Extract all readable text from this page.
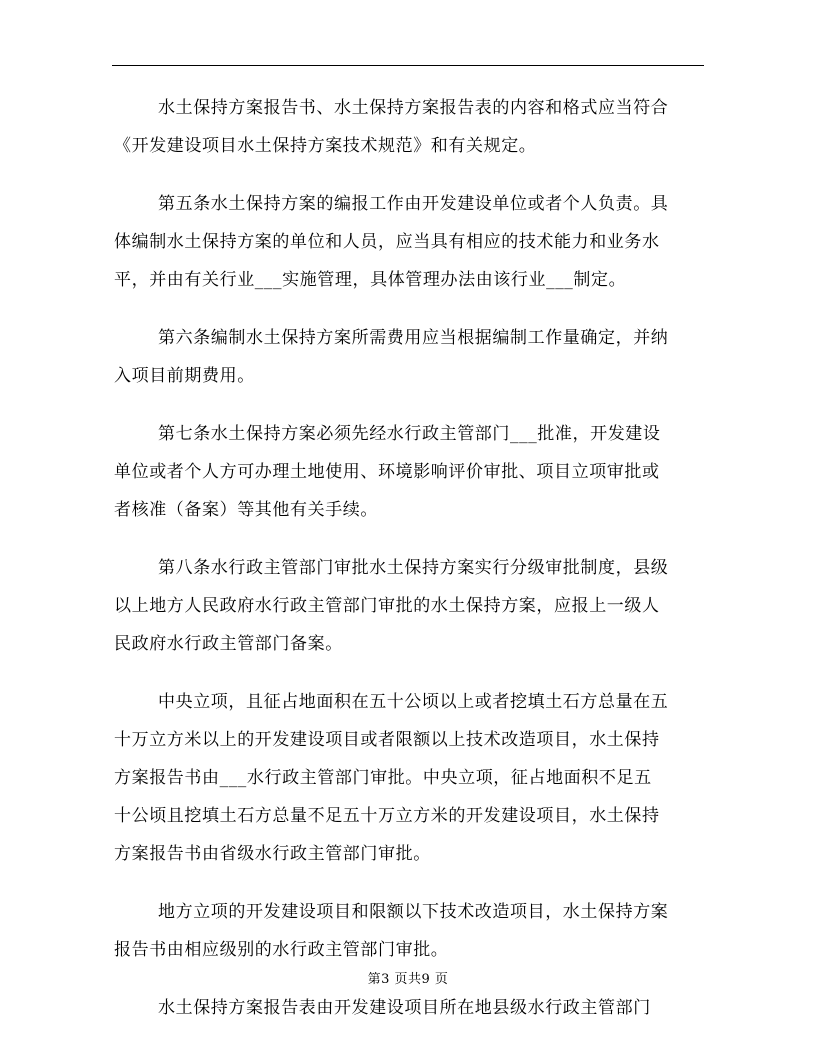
水土保持方案报告书、水土保持方案报告表的内容和格式应当符合
《开发建设项目水土保持方案技术规范》和有关规定。
第五条水土保持方案的编报工作由开发建设单位或者个人负责。具
体编制水土保持方案的单位和人员，应当具有相应的技术能力和业务水
平，并由有关行业___实施管理，具体管理办法由该行业___制定。
第六条编制水土保持方案所需费用应当根据编制工作量确定，并纳
入项目前期费用。
第七条水土保持方案必须先经水行政主管部门___批准，开发建设
单位或者个人方可办理土地使用、环境影响评价审批、项目立项审批或
者核准（备案）等其他有关手续。
第八条水行政主管部门审批水土保持方案实行分级审批制度，县级
以上地方人民政府水行政主管部门审批的水土保持方案，应报上一级人
民政府水行政主管部门备案。
中央立项，且征占地面积在五十公顷以上或者挖填土石方总量在五
十万立方米以上的开发建设项目或者限额以上技术改造项目，水土保持
方案报告书由___水行政主管部门审批。中央立项，征占地面积不足五
十公顷且挖填土石方总量不足五十万立方米的开发建设项目，水土保持
方案报告书由省级水行政主管部门审批。
地方立项的开发建设项目和限额以下技术改造项目，水土保持方案
报告书由相应级别的水行政主管部门审批。
水土保持方案报告表由开发建设项目所在地县级水行政主管部门
第3 页共9 页
